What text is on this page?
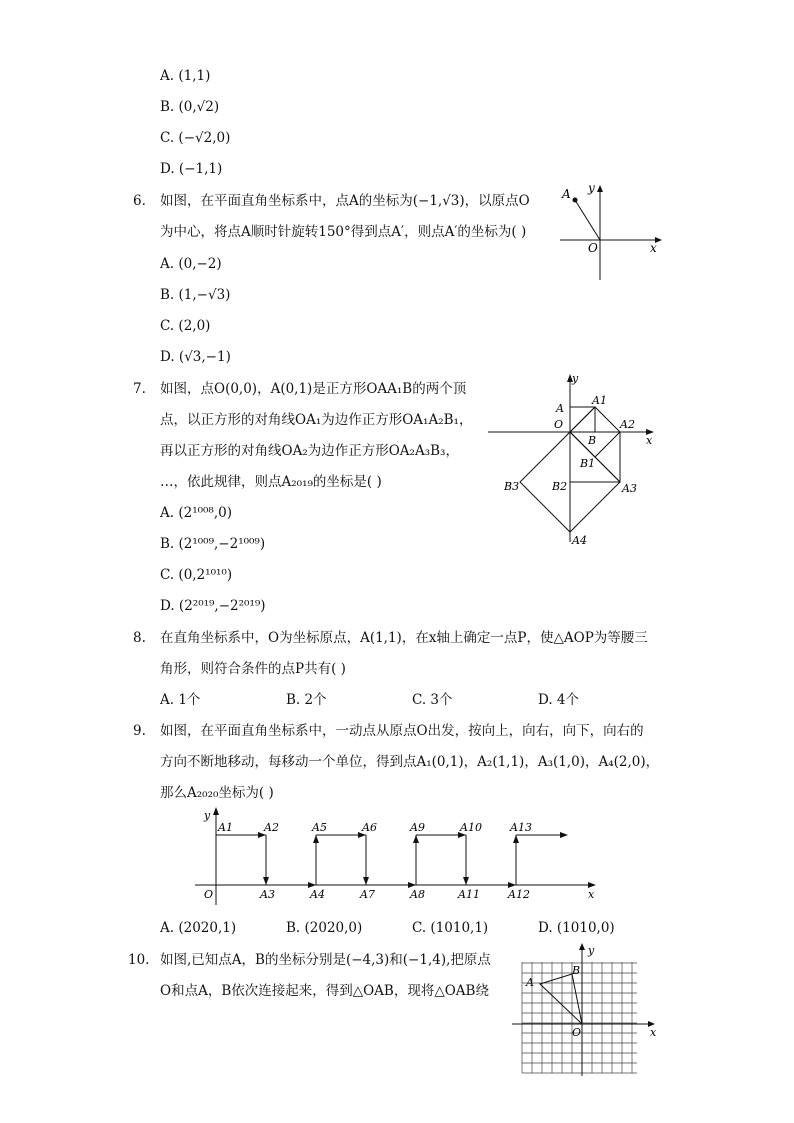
A. (1,1)
B. (0,√2)
C. (−√2,0)
D. (−1,1)
6. 如图，在平面直角坐标系中，点A的坐标为(−1,√3)，以原点O
为中心，将点A顺时针旋转150°得到点A′，则点A′的坐标为( )
A. (0,−2)
B. (1,−√3)
C. (2,0)
D. (√3,−1)
A y
O	x
7. 如图，点O(0,0)，A(0,1)是正方形OAA₁B的两个顶
点，以正方形的对角线OA₁为边作正方形OA₁A₂B₁，
再以正方形的对角线OA₂为边作正方形OA₂A₃B₃，
…，依此规律，则点A₂₀₁₉的坐标是( )
A. (2¹⁰⁰⁸,0)
B. (2¹⁰⁰⁹,−2¹⁰⁰⁹)
C. (0,2¹⁰¹⁰)
D. (2²⁰¹⁹,−2²⁰¹⁹)
y
A
A1
O
B
A2
x
B1
B3	B2	A3
A4
8. 在直角坐标系中，O为坐标原点，A(1,1)，在x轴上确定一点P，使△AOP为等腰三
角形，则符合条件的点P共有( )
A. 1个	B. 2个	C. 3个	D. 4个
9. 如图，在平面直角坐标系中，一动点从原点O出发，按向上，向右，向下，向右的
方向不断地移动，每移动一个单位，得到点A₁(0,1)，A₂(1,1)，A₃(1,0)，A₄(2,0)，
那么A₂₀₂₀坐标为( )
y
A1	A2	A5	A6	A9	A10	A13
O	A3	A4	A7	A8	A11	A12	x
A. (2020,1)	B. (2020,0)	C. (1010,1)	D. (1010,0)
10. 如图,已知点A，B的坐标分别是(−4,3)和(−1,4),把原点
O和点A，B依次连接起来，得到△OAB，现将△OAB绕
y
B
A
O	x
